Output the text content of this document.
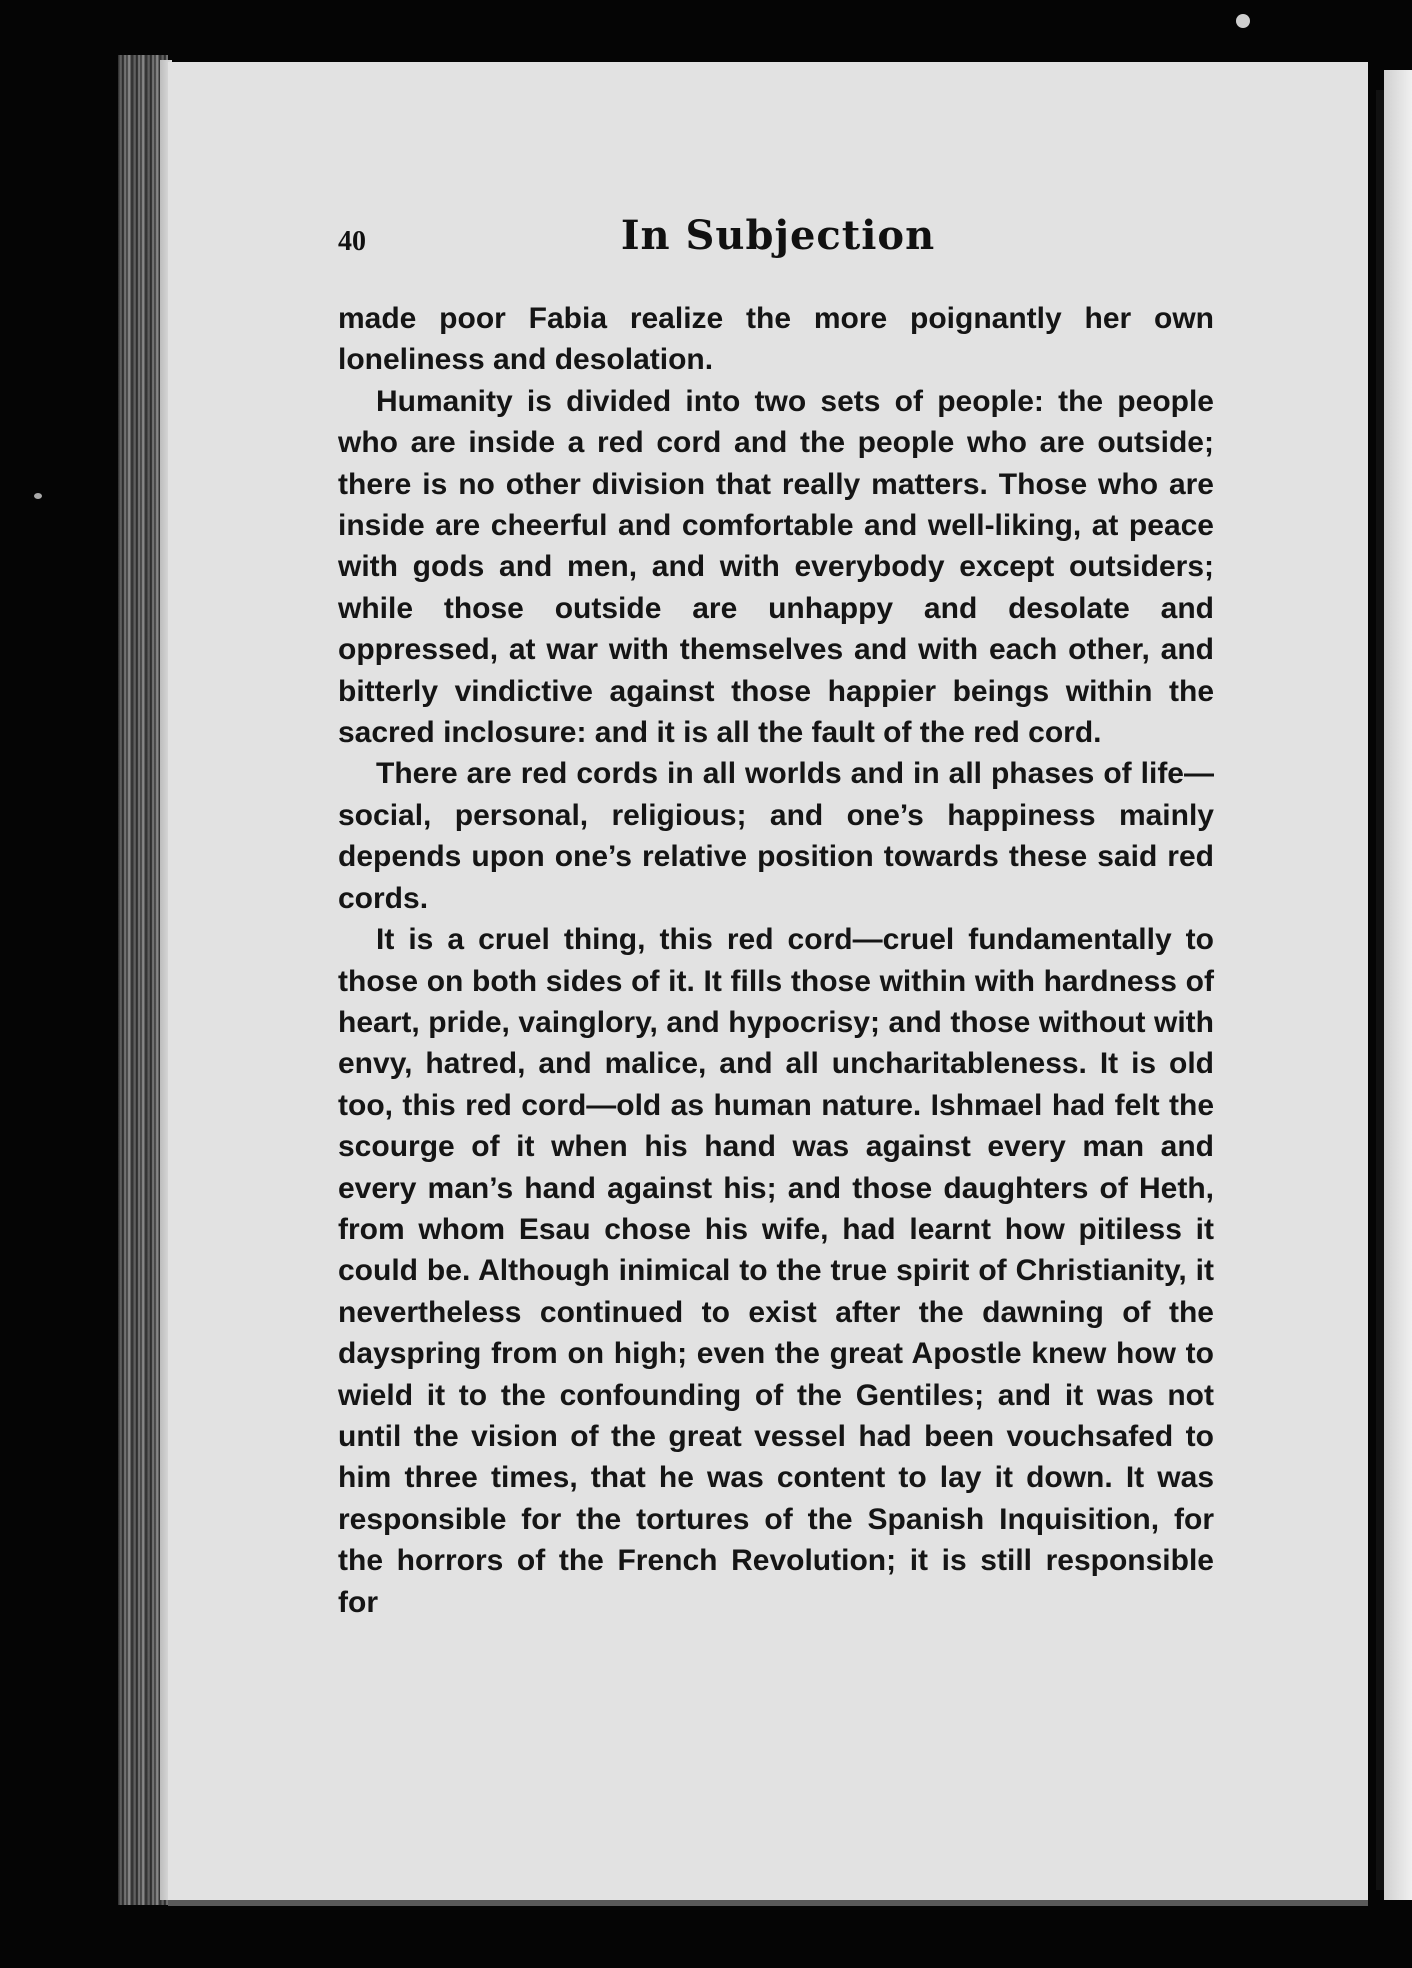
40	In Subjection

made poor Fabia realize the more poignantly her own loneliness and desolation.

Humanity is divided into two sets of people: the people who are inside a red cord and the people who are outside; there is no other division that really matters. Those who are inside are cheerful and comfortable and well-liking, at peace with gods and men, and with everybody except outsiders; while those outside are unhappy and desolate and oppressed, at war with themselves and with each other, and bitterly vindictive against those happier beings within the sacred inclosure: and it is all the fault of the red cord.

There are red cords in all worlds and in all phases of life—social, personal, religious; and one’s happiness mainly depends upon one’s relative position towards these said red cords.

It is a cruel thing, this red cord—cruel fundamentally to those on both sides of it. It fills those within with hardness of heart, pride, vainglory, and hypocrisy; and those without with envy, hatred, and malice, and all uncharitableness. It is old too, this red cord—old as human nature. Ishmael had felt the scourge of it when his hand was against every man and every man’s hand against his; and those daughters of Heth, from whom Esau chose his wife, had learnt how pitiless it could be. Although inimical to the true spirit of Christianity, it nevertheless continued to exist after the dawning of the dayspring from on high; even the great Apostle knew how to wield it to the confounding of the Gentiles; and it was not until the vision of the great vessel had been vouchsafed to him three times, that he was content to lay it down. It was responsible for the tortures of the Spanish Inquisition, for the horrors of the French Revolution; it is still responsible for
